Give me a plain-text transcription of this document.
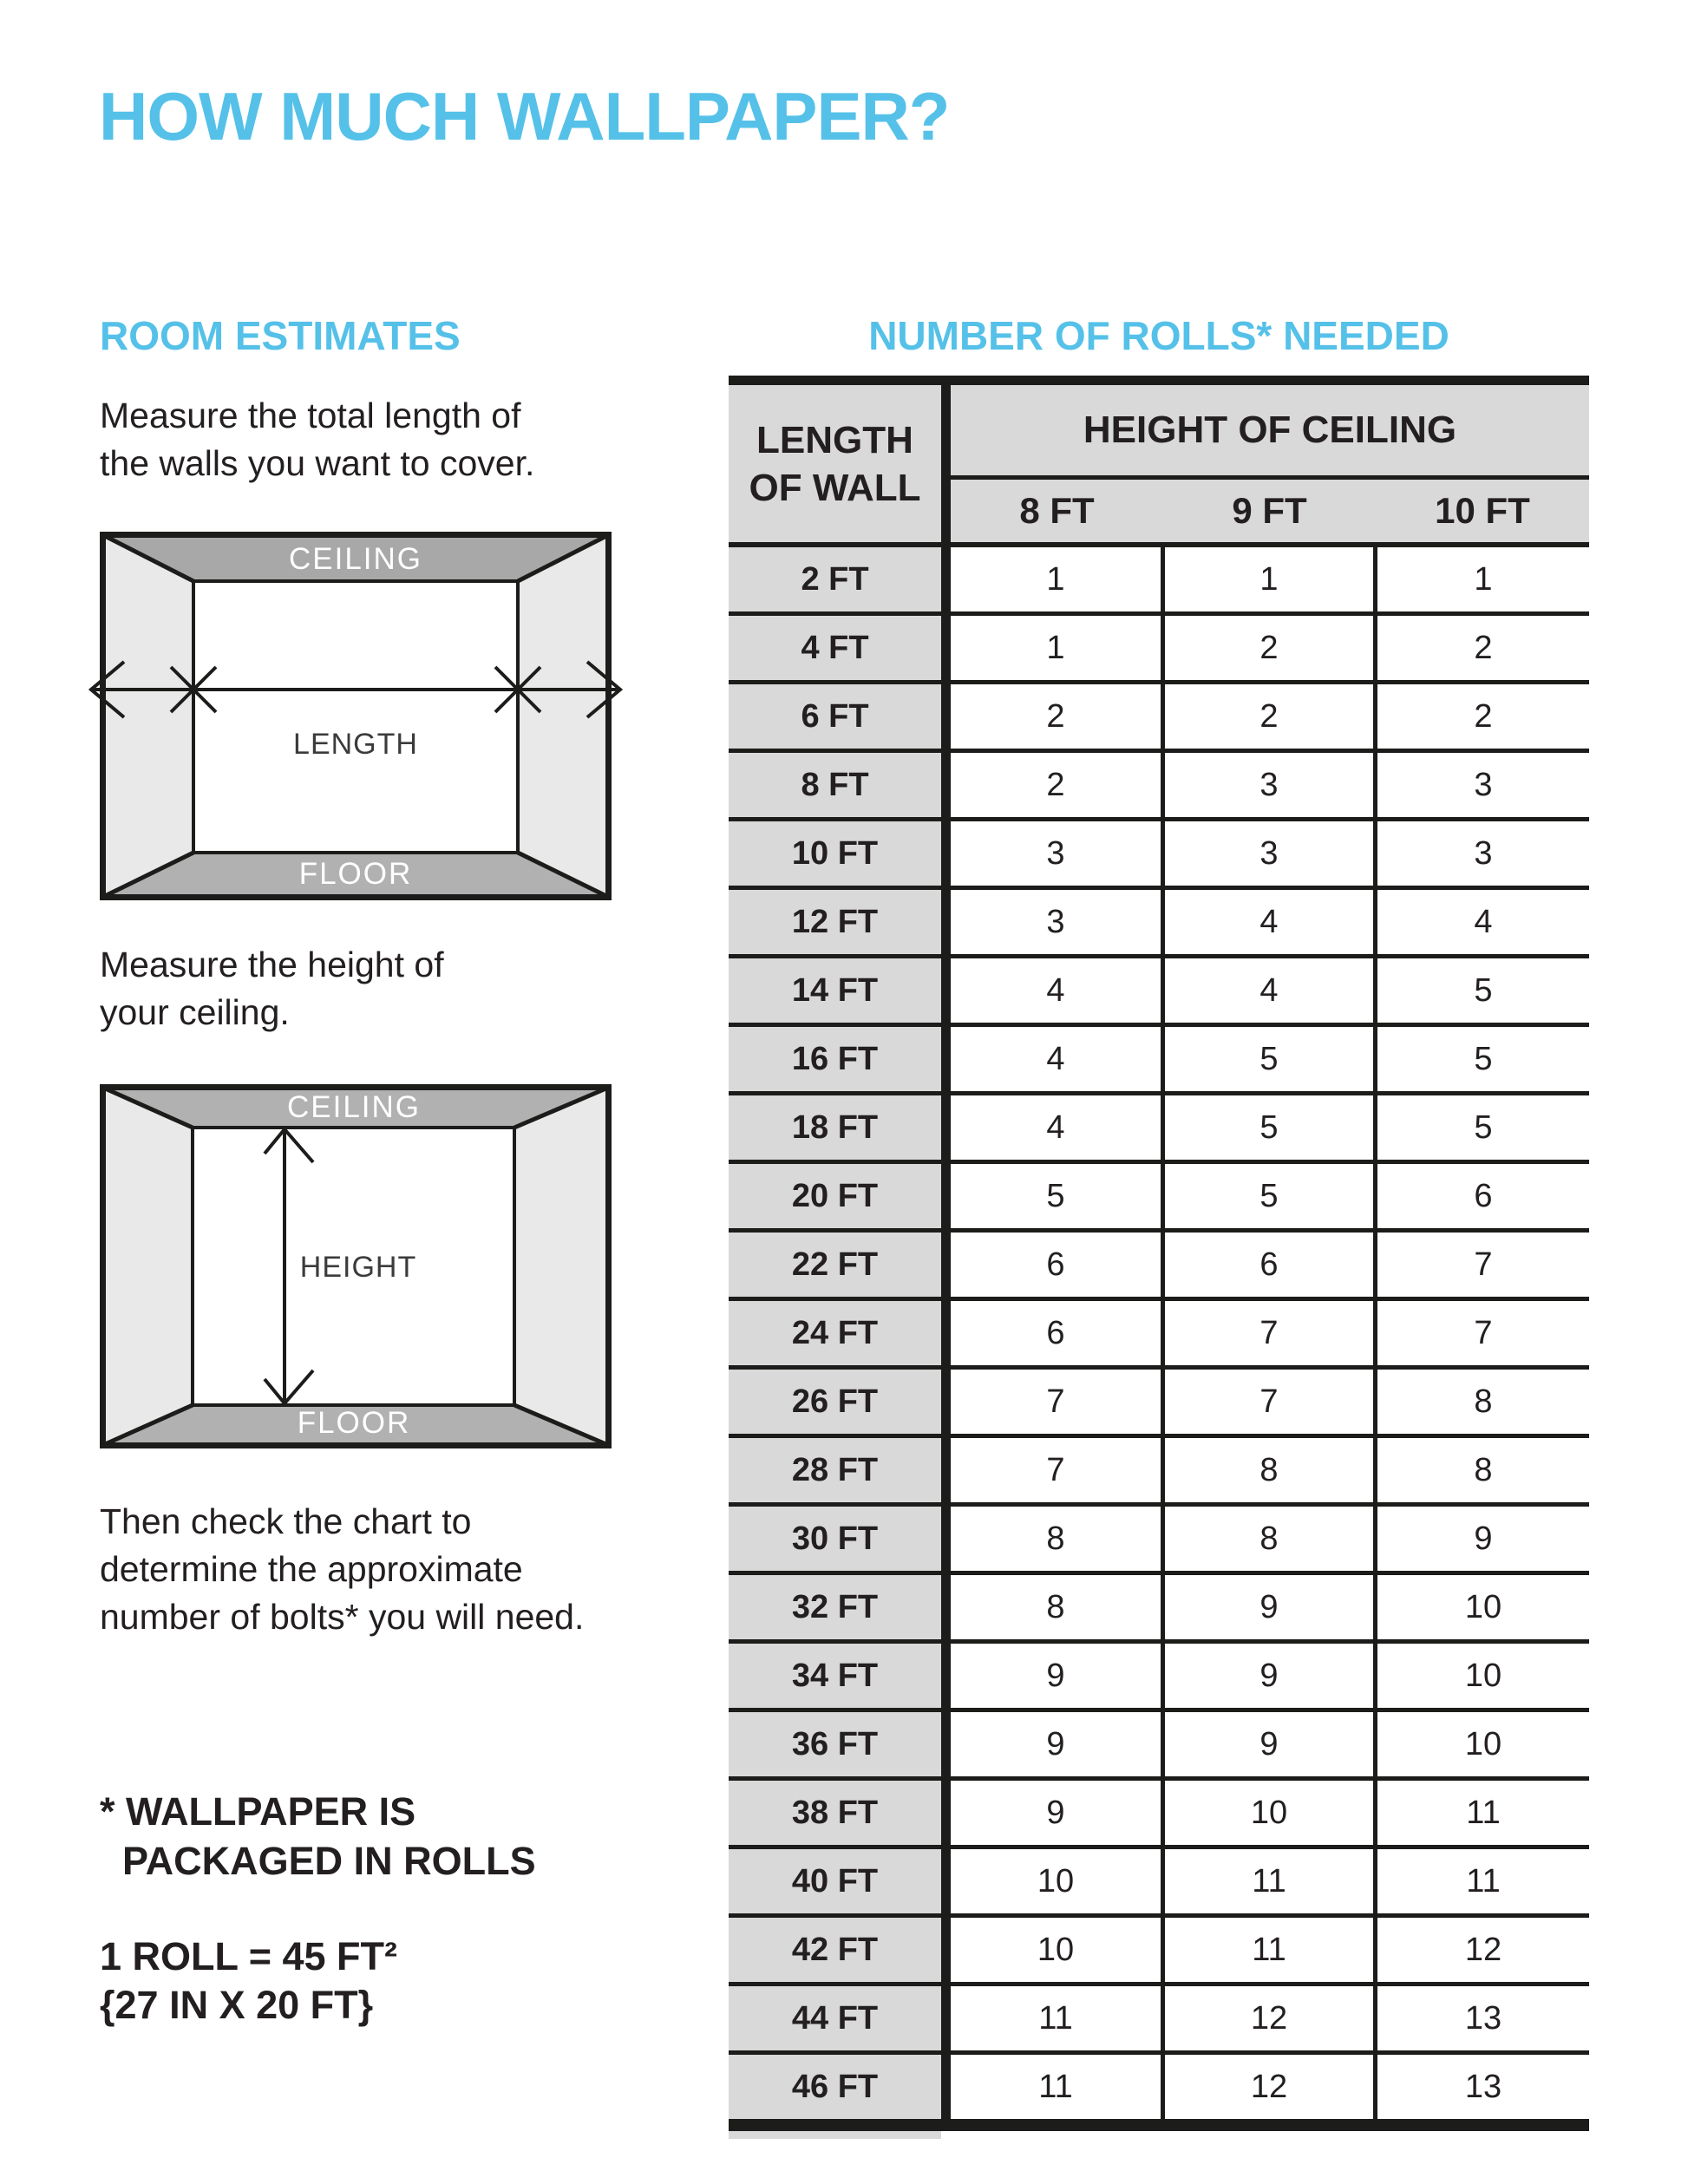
HOW MUCH WALLPAPER?
ROOM ESTIMATES	NUMBER OF ROLLS* NEEDED
Measure the total length of
the walls you want to cover.
CEILING
FLOOR
LENGTH
Measure the height of
your ceiling.
CEILING
FLOOR
HEIGHT
Then check the chart to
determine the approximate
number of bolts* you will need.
* WALLPAPER IS
PACKAGED IN ROLLS
1 ROLL = 45 FT²
{27 IN X 20 FT}
LENGTH
OF WALL
HEIGHT OF CEILING
8 FT	9 FT	10 FT
2 FT	1	1	1
4 FT	1	2	2
6 FT	2	2	2
8 FT	2	3	3
10 FT	3	3	3
12 FT	3	4	4
14 FT	4	4	5
16 FT	4	5	5
18 FT	4	5	5
20 FT	5	5	6
22 FT	6	6	7
24 FT	6	7	7
26 FT	7	7	8
28 FT	7	8	8
30 FT	8	8	9
32 FT	8	9	10
34 FT	9	9	10
36 FT	9	9	10
38 FT	9	10	11
40 FT	10	11	11
42 FT	10	11	12
44 FT	11	12	13
46 FT	11	12	13
